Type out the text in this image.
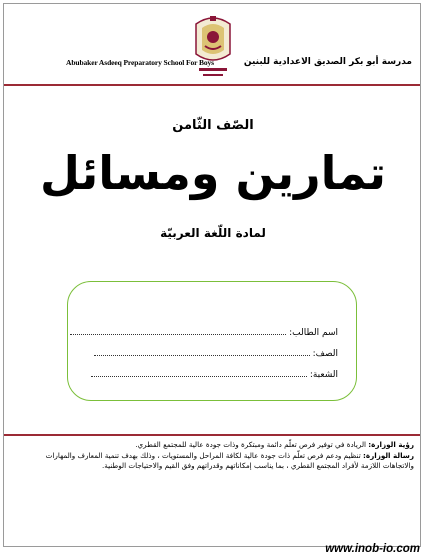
مدرسة أبو بكر الصديق الاعدادية للبنين
Abubaker Asdeeq Preparatory School For Boys
الصّف الثّامن
تمارين ومسائل
لمادة اللّغة العربيّة
اسم الطالب:
الصف:
الشعبة:
رؤية الوزارة: الريادة في توفير فرص تعلّم دائمة ومبتكرة وذات جودة عالية للمجتمع القطري.
رسالة الوزارة: تنظيم ودعم فرص تعلّم ذات جودة عالية لكافة المراحل والمستويات ، وذلك بهدف تنمية المعارف والمهارات والاتجاهات اللازمة لأفراد المجتمع القطري ، بما يناسب إمكاناتهم وقدراتهم وفق القيم والاحتياجات الوطنية.
www.inob-io.com
